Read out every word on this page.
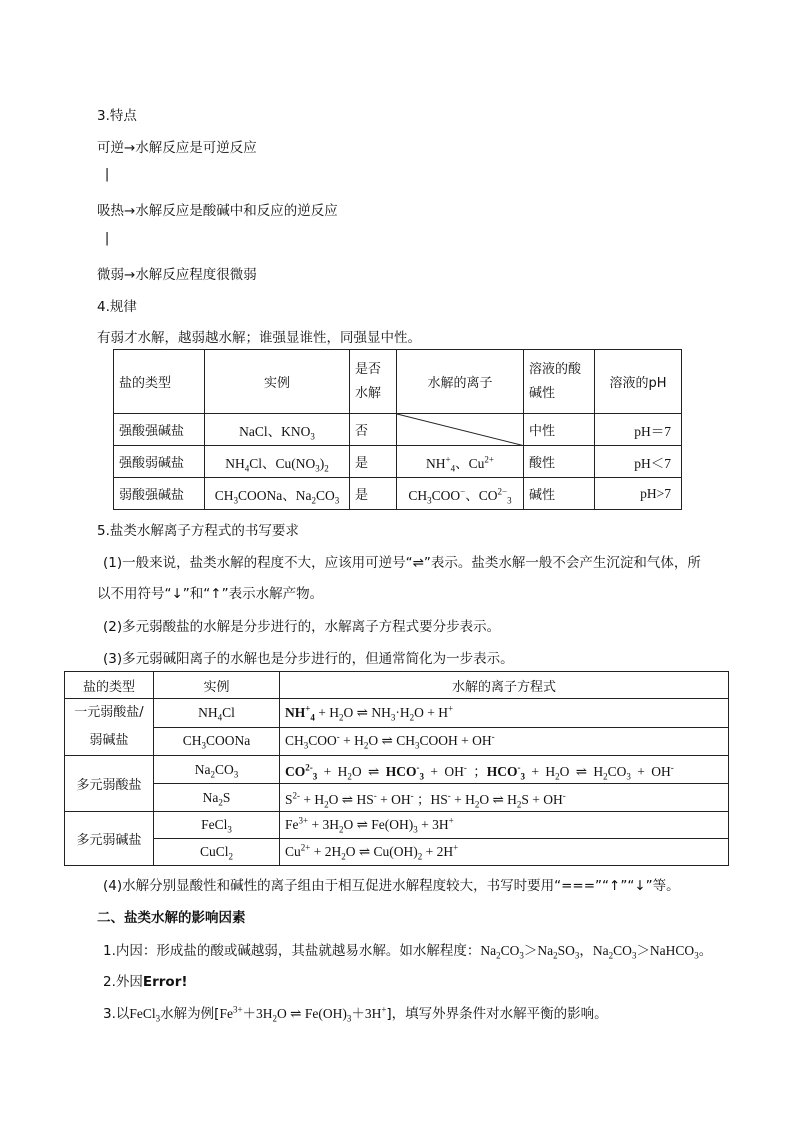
3.特点
可逆→水解反应是可逆反应
|
吸热→水解反应是酸碱中和反应的逆反应
|
微弱→水解反应程度很微弱
4.规律
有弱才水解，越弱越水解；谁强显谁性，同强显中性。
盐的类型	实例	是否水解	水解的离子	溶液的酸碱性	溶液的pH
强酸强碱盐	NaCl、$KNO_3$	否		中性	pH＝7
强酸弱碱盐	$NH_4Cl$、$Cu(NO_3)_2$	是	$NH^+_4$、$Cu^{2+}$	酸性	pH＜7
弱酸强碱盐	$CH_3COONa$、$Na_2CO_3$	是	$CH_3COO^-$、$CO^{2-}_3$	碱性	pH>7
5.盐类水解离子方程式的书写要求
(1)一般来说，盐类水解的程度不大，应该用可逆号“⇌”表示。盐类水解一般不会产生沉淀和气体，所
以不用符号“↓”和“↑”表示水解产物。
(2)多元弱酸盐的水解是分步进行的，水解离子方程式要分步表示。
(3)多元弱碱阳离子的水解也是分步进行的，但通常简化为一步表示。
盐的类型	实例	水解的离子方程式
一元弱酸盐/弱碱盐	$NH_4Cl$	$NH^+_4 + H_2O$ ⇌ $NH_3\cdot H_2O + H^+$
	$CH_3COONa$	$CH_3COO^- + H_2O$ ⇌ $CH_3COOH + OH^-$
多元弱酸盐	$Na_2CO_3$	$CO^{2-}_3 + H_2O$ ⇌ $HCO^-_3 + OH^-$ ；$HCO^-_3 + H_2O$ ⇌ $H_2CO_3 + OH^-$
	$Na_2S$	$S^{2-} + H_2O$ ⇌ HS- + OH- ；$HS^- + H_2O$ ⇌ $H_2S + OH^-$
多元弱碱盐	FeCl$_3$	$Fe^{3+} + 3H_2O$ ⇌ $Fe(OH)_3 + 3H^+$
	CuCl$_2$	$Cu^{2+} + 2H_2O$ ⇌ $Cu(OH)_2 + 2H^+$
(4)水解分别显酸性和碱性的离子组由于相互促进水解程度较大，书写时要用“===”“↑”“↓”等。
二、盐类水解的影响因素
1.内因：形成盐的酸或碱越弱，其盐就越易水解。如水解程度：$Na_2CO_3>Na_2SO_3$，$Na_2CO_3>NaHCO_3$。
2.外因Error!
3.以FeCl$_3$水解为例[$Fe^{3+}+3H_2O$ ⇌ $Fe(OH)_3+3H^+$]，填写外界条件对水解平衡的影响。
